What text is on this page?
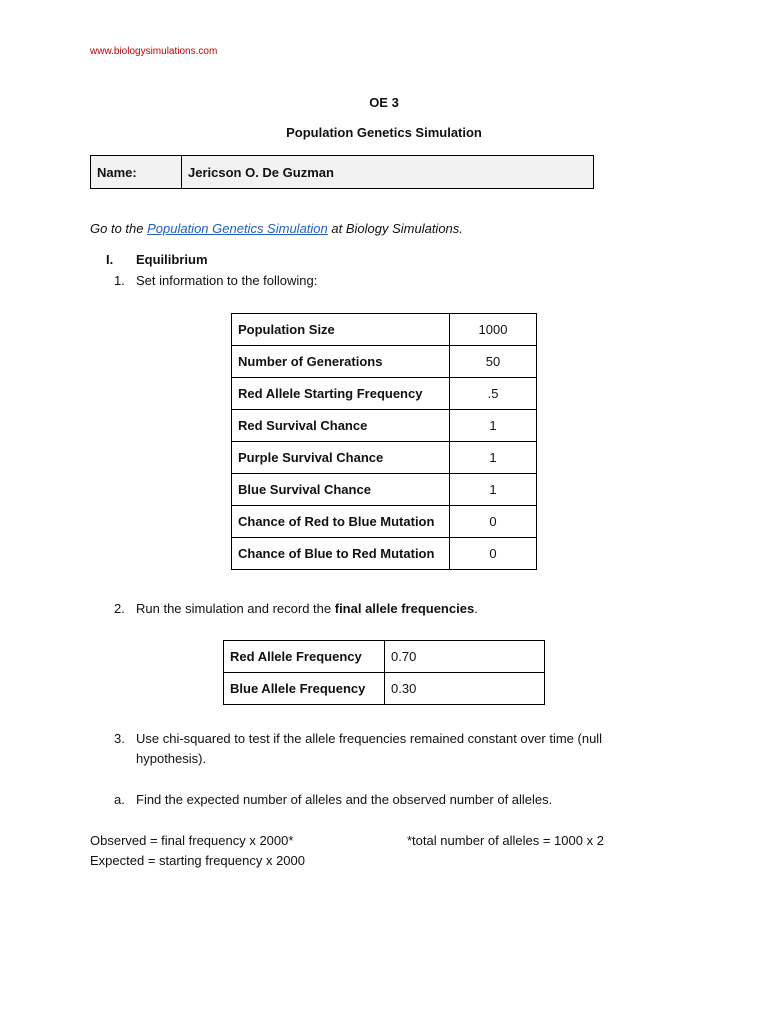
www.biologysimulations.com
OE 3
Population Genetics Simulation
Name:	Jericson O. De Guzman
Go to the Population Genetics Simulation at Biology Simulations.
I. Equilibrium
1. Set information to the following:
Population Size	1000
Number of Generations	50
Red Allele Starting Frequency	.5
Red Survival Chance	1
Purple Survival Chance	1
Blue Survival Chance	1
Chance of Red to Blue Mutation	0
Chance of Blue to Red Mutation	0
2. Run the simulation and record the final allele frequencies.
Red Allele Frequency	0.70
Blue Allele Frequency	0.30
3. Use chi-squared to test if the allele frequencies remained constant over time (null
hypothesis).
a. Find the expected number of alleles and the observed number of alleles.
Observed = final frequency x 2000*	*total number of alleles = 1000 x 2
Expected = starting frequency x 2000
